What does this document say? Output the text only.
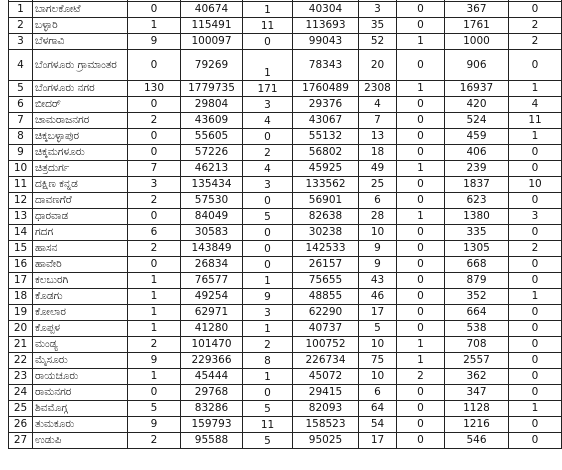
1	ಬಾಗಲಕೋಟೆ	0	40674	1	40304	3	0	367	0
2	ಬಳ್ಳಾರಿ	1	115491	11	113693	35	0	1761	2
3	ಬೆಳಗಾವಿ	9	100097	0	99043	52	1	1000	2
4	ಬೆಂಗಳೂರು ಗ್ರಾಮಾಂತರ	0	79269	1	78343	20	0	906	0
5	ಬೆಂಗಳೂರು ನಗರ	130	1779735	171	1760489	2308	1	16937	1
6	ಬೀದರ್	0	29804	3	29376	4	0	420	4
7	ಚಾಮರಾಜನಗರ	2	43609	4	43067	7	0	524	11
8	ಚಿಕ್ಕಬಳ್ಳಾಪುರ	0	55605	0	55132	13	0	459	1
9	ಚಿಕ್ಕಮಗಳೂರು	0	57226	2	56802	18	0	406	0
10	ಚಿತ್ರದುರ್ಗ	7	46213	4	45925	49	1	239	0
11	ದಕ್ಷಿಣ ಕನ್ನಡ	3	135434	3	133562	25	0	1837	10
12	ದಾವಣಗೆರೆ	2	57530	0	56901	6	0	623	0
13	ಧಾರವಾಡ	0	84049	5	82638	28	1	1380	3
14	ಗದಗ	6	30583	0	30238	10	0	335	0
15	ಹಾಸನ	2	143849	0	142533	9	0	1305	2
16	ಹಾವೇರಿ	0	26834	0	26157	9	0	668	0
17	ಕಲಬುರಗಿ	1	76577	1	75655	43	0	879	0
18	ಕೊಡಗು	1	49254	9	48855	46	0	352	1
19	ಕೋಲಾರ	1	62971	3	62290	17	0	664	0
20	ಕೊಪ್ಪಳ	1	41280	1	40737	5	0	538	0
21	ಮಂಡ್ಯ	2	101470	2	100752	10	1	708	0
22	ಮೈಸೂರು	9	229366	8	226734	75	1	2557	0
23	ರಾಯಚೂರು	1	45444	1	45072	10	2	362	0
24	ರಾಮನಗರ	0	29768	0	29415	6	0	347	0
25	ಶಿವಮೊಗ್ಗ	5	83286	5	82093	64	0	1128	1
26	ತುಮಕೂರು	9	159793	11	158523	54	0	1216	0
27	ಉಡುಪಿ	2	95588	5	95025	17	0	546	0
